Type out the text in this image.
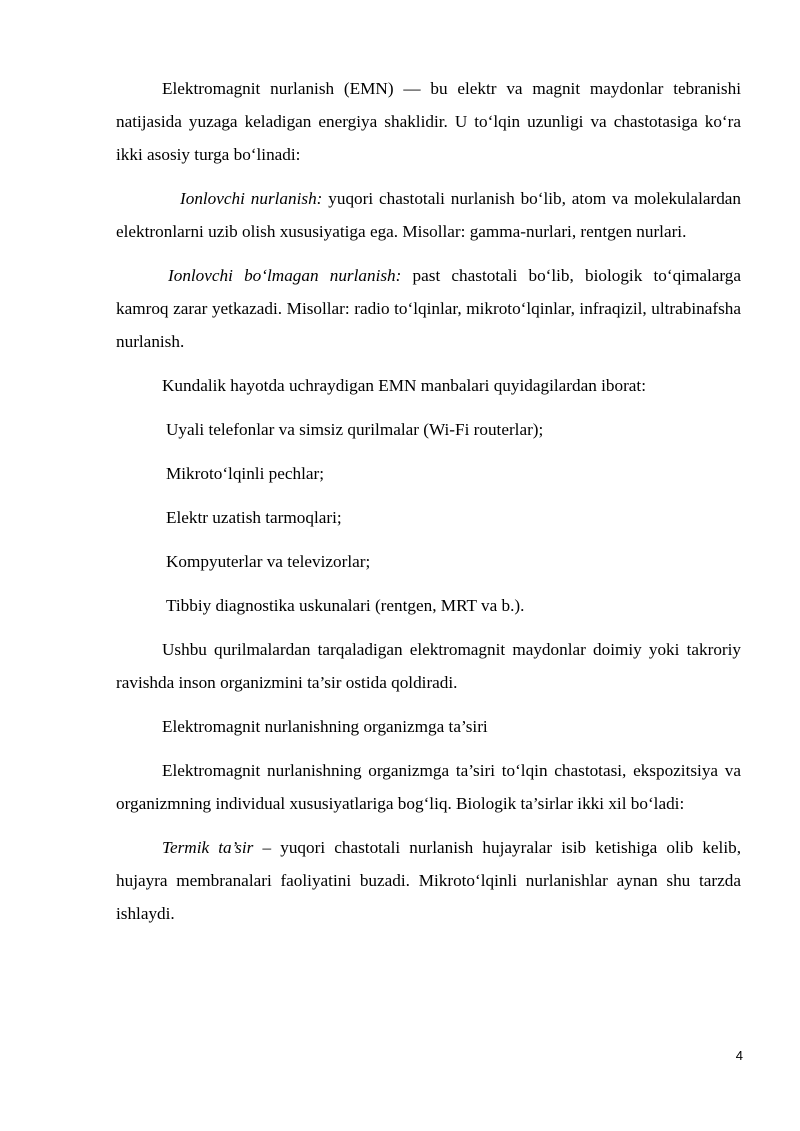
Elektromagnit nurlanish (EMN) — bu elektr va magnit maydonlar tebranishi natijasida yuzaga keladigan energiya shaklidir. U to‘lqin uzunligi va chastotasiga ko‘ra ikki asosiy turga bo‘linadi:

Ionlovchi nurlanish: yuqori chastotali nurlanish bo‘lib, atom va molekulalardan elektronlarni uzib olish xususiyatiga ega. Misollar: gamma-nurlari, rentgen nurlari.

Ionlovchi bo‘lmagan nurlanish: past chastotali bo‘lib, biologik to‘qimalarga kamroq zarar yetkazadi. Misollar: radio to‘lqinlar, mikroto‘lqinlar, infraqizil, ultrabinafsha nurlanish.

Kundalik hayotda uchraydigan EMN manbalari quyidagilardan iborat:

Uyali telefonlar va simsiz qurilmalar (Wi-Fi routerlar);

Mikroto‘lqinli pechlar;

Elektr uzatish tarmoqlari;

Kompyuterlar va televizorlar;

Tibbiy diagnostika uskunalari (rentgen, MRT va b.).

Ushbu qurilmalardan tarqaladigan elektromagnit maydonlar doimiy yoki takroriy ravishda inson organizmini ta’sir ostida qoldiradi.

Elektromagnit nurlanishning organizmga ta’siri

Elektromagnit nurlanishning organizmga ta’siri to‘lqin chastotasi, ekspozitsiya va organizmning individual xususiyatlariga bog‘liq. Biologik ta’sirlar ikki xil bo‘ladi:

Termik ta’sir – yuqori chastotali nurlanish hujayralar isib ketishiga olib kelib, hujayra membranalari faoliyatini buzadi. Mikroto‘lqinli nurlanishlar aynan shu tarzda ishlaydi.

4
